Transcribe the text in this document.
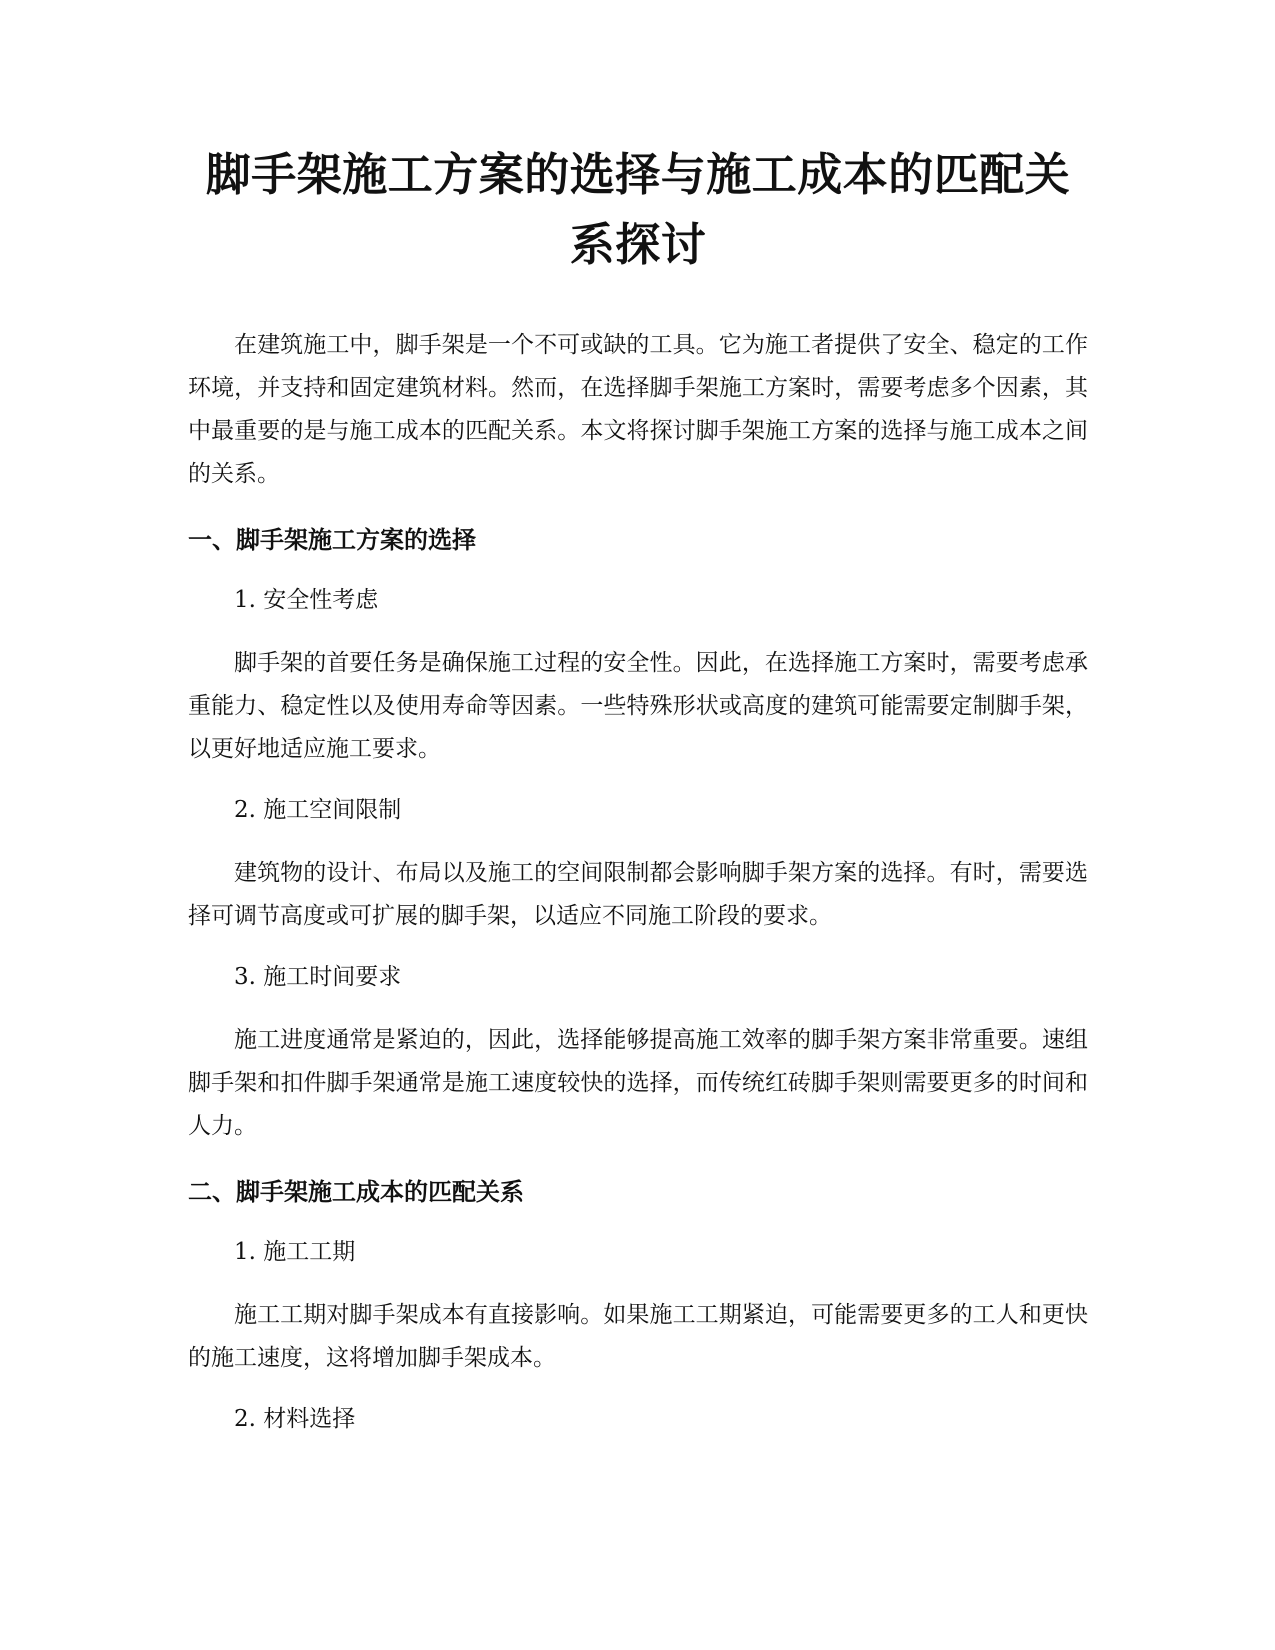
脚手架施工方案的选择与施工成本的匹配关
系探讨

在建筑施工中，脚手架是一个不可或缺的工具。它为施工者提供了安全、稳定的工作环境，并支持和固定建筑材料。然而，在选择脚手架施工方案时，需要考虑多个因素，其中最重要的是与施工成本的匹配关系。本文将探讨脚手架施工方案的选择与施工成本之间的关系。

一、脚手架施工方案的选择

1. 安全性考虑

脚手架的首要任务是确保施工过程的安全性。因此，在选择施工方案时，需要考虑承重能力、稳定性以及使用寿命等因素。一些特殊形状或高度的建筑可能需要定制脚手架，以更好地适应施工要求。

2. 施工空间限制

建筑物的设计、布局以及施工的空间限制都会影响脚手架方案的选择。有时，需要选择可调节高度或可扩展的脚手架，以适应不同施工阶段的要求。

3. 施工时间要求

施工进度通常是紧迫的，因此，选择能够提高施工效率的脚手架方案非常重要。速组脚手架和扣件脚手架通常是施工速度较快的选择，而传统红砖脚手架则需要更多的时间和人力。

二、脚手架施工成本的匹配关系

1. 施工工期

施工工期对脚手架成本有直接影响。如果施工工期紧迫，可能需要更多的工人和更快的施工速度，这将增加脚手架成本。

2. 材料选择
